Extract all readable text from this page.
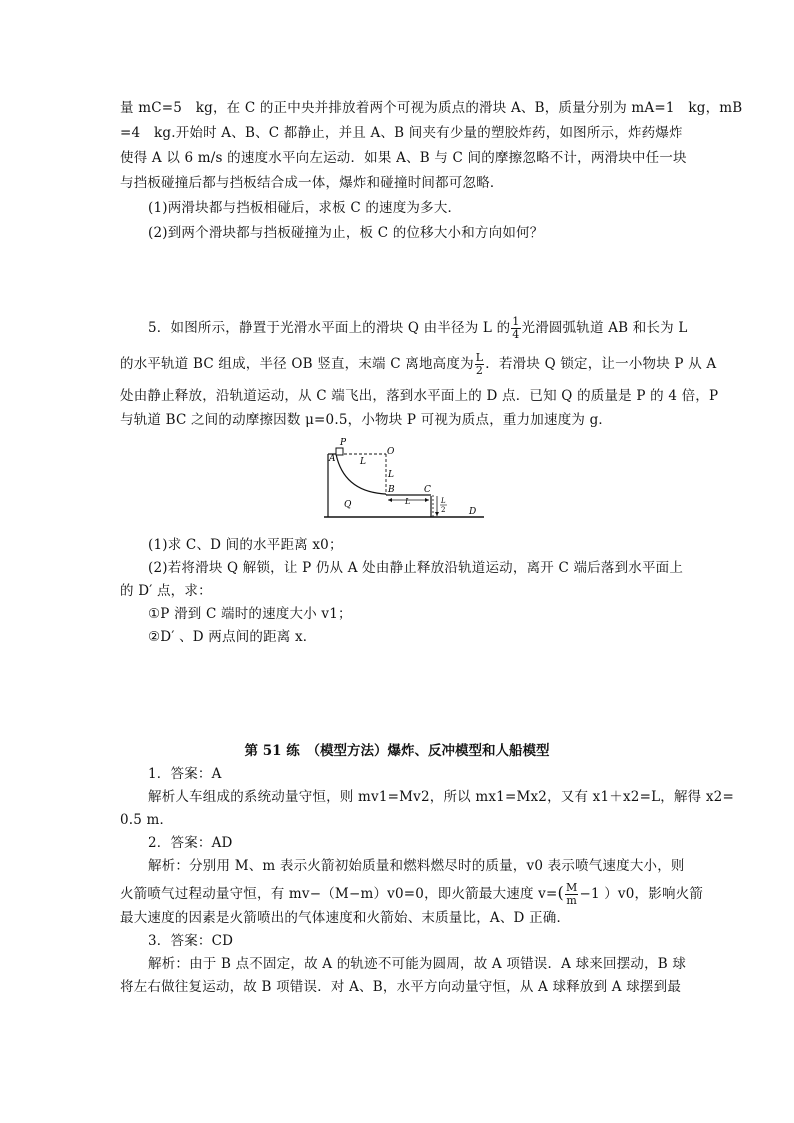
量 mC=5　kg，在 C 的正中央并排放着两个可视为质点的滑块 A、B，质量分别为 mA=1　kg，mB
=4　kg.开始时 A、B、C 都静止，并且 A、B 间夹有少量的塑胶炸药，如图所示，炸药爆炸
使得 A 以 6 m/s 的速度水平向左运动．如果 A、B 与 C 间的摩擦忽略不计，两滑块中任一块
与挡板碰撞后都与挡板结合成一体，爆炸和碰撞时间都可忽略．
(1)两滑块都与挡板相碰后，求板 C 的速度为多大．
(2)到两个滑块都与挡板碰撞为止，板 C 的位移大小和方向如何？
5．如图所示，静置于光滑水平面上的滑块 Q 由半径为 L 的 $\frac{1}{4}$ 光滑圆弧轨道 AB 和长为 L
的水平轨道 BC 组成，半径 OB 竖直，末端 C 离地高度为 $\frac{L}{2}$ ．若滑块 Q 锁定，让一小物块 P 从 A
处由静止释放，沿轨道运动，从 C 端飞出，落到水平面上的 D 点．已知 Q 的质量是 P 的 4 倍，P
与轨道 BC 之间的动摩擦因数 μ=0.5，小物块 P 可视为质点，重力加速度为 g．
P
A
O
L
L
B	C
Q
D
L	L
2
(1)求 C、D 间的水平距离 x0；
(2)若将滑块 Q 解锁，让 P 仍从 A 处由静止释放沿轨道运动，离开 C 端后落到水平面上
的 D′ 点，求：
①P 滑到 C 端时的速度大小 v1；
②D′ 、D 两点间的距离 x．
第 51 练　（模型方法）爆炸、反冲模型和人船模型
1．答案：A
解析人车组成的系统动量守恒，则 mv1=Mv2，所以 mx1=Mx2，又有 x1＋x2=L，解得 x2=
0.5 m．
2．答案：AD
解析：分别用 M、m 表示火箭初始质量和燃料燃尽时的质量，v0 表示喷气速度大小，则
火箭喷气过程动量守恒，有 mv−（M−m）v0=0，即火箭最大速度 $v=( \frac{M}{m} -1$ ）v0，影响火箭
最大速度的因素是火箭喷出的气体速度和火箭始、末质量比，A、D 正确．
3．答案：CD
解析：由于 B 点不固定，故 A 的轨迹不可能为圆周，故 A 项错误．A 球来回摆动，B 球
将左右做往复运动，故 B 项错误．对 A、B，水平方向动量守恒，从 A 球释放到 A 球摆到最
